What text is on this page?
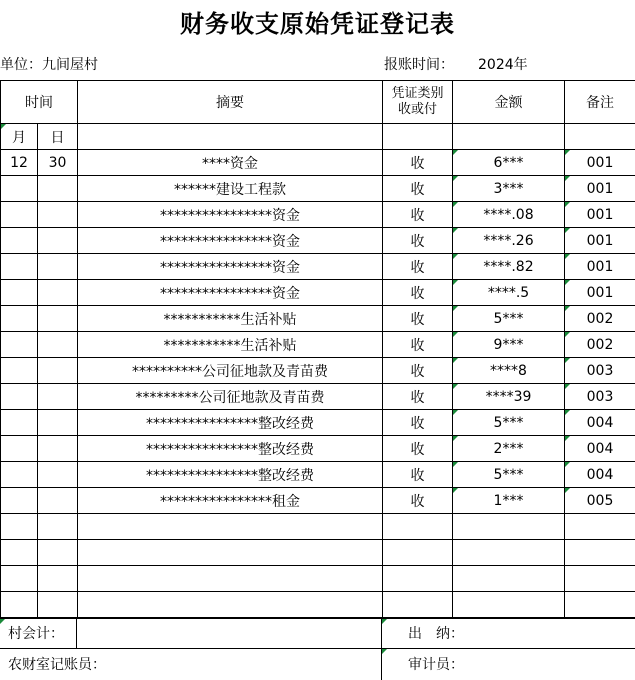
财务收支原始凭证登记表
单位：九间屋村	报账时间： 2024年
时间		摘要	凭证类别
收或付	金额	备注
月	日				
12	30	****资金	收	6***	001

		******建设工程款	收	3***	001

		****************资金	收	****.08	001

		****************资金	收	****.26	001

		****************资金	收	****.82	001

		****************资金	收	****.5	001

		***********生活补贴	收	5***	002

		***********生活补贴	收	9***	002

		**********公司征地款及青苗费	收	****8	003

		*********公司征地款及青苗费	收	****39	003

		****************整改经费	收	5***	004

		****************整改经费	收	2***	004

		****************整改经费	收	5***	004

		****************租金	收	1***	005

村会计：	出　纳：
农财室记账员：	审计员：
